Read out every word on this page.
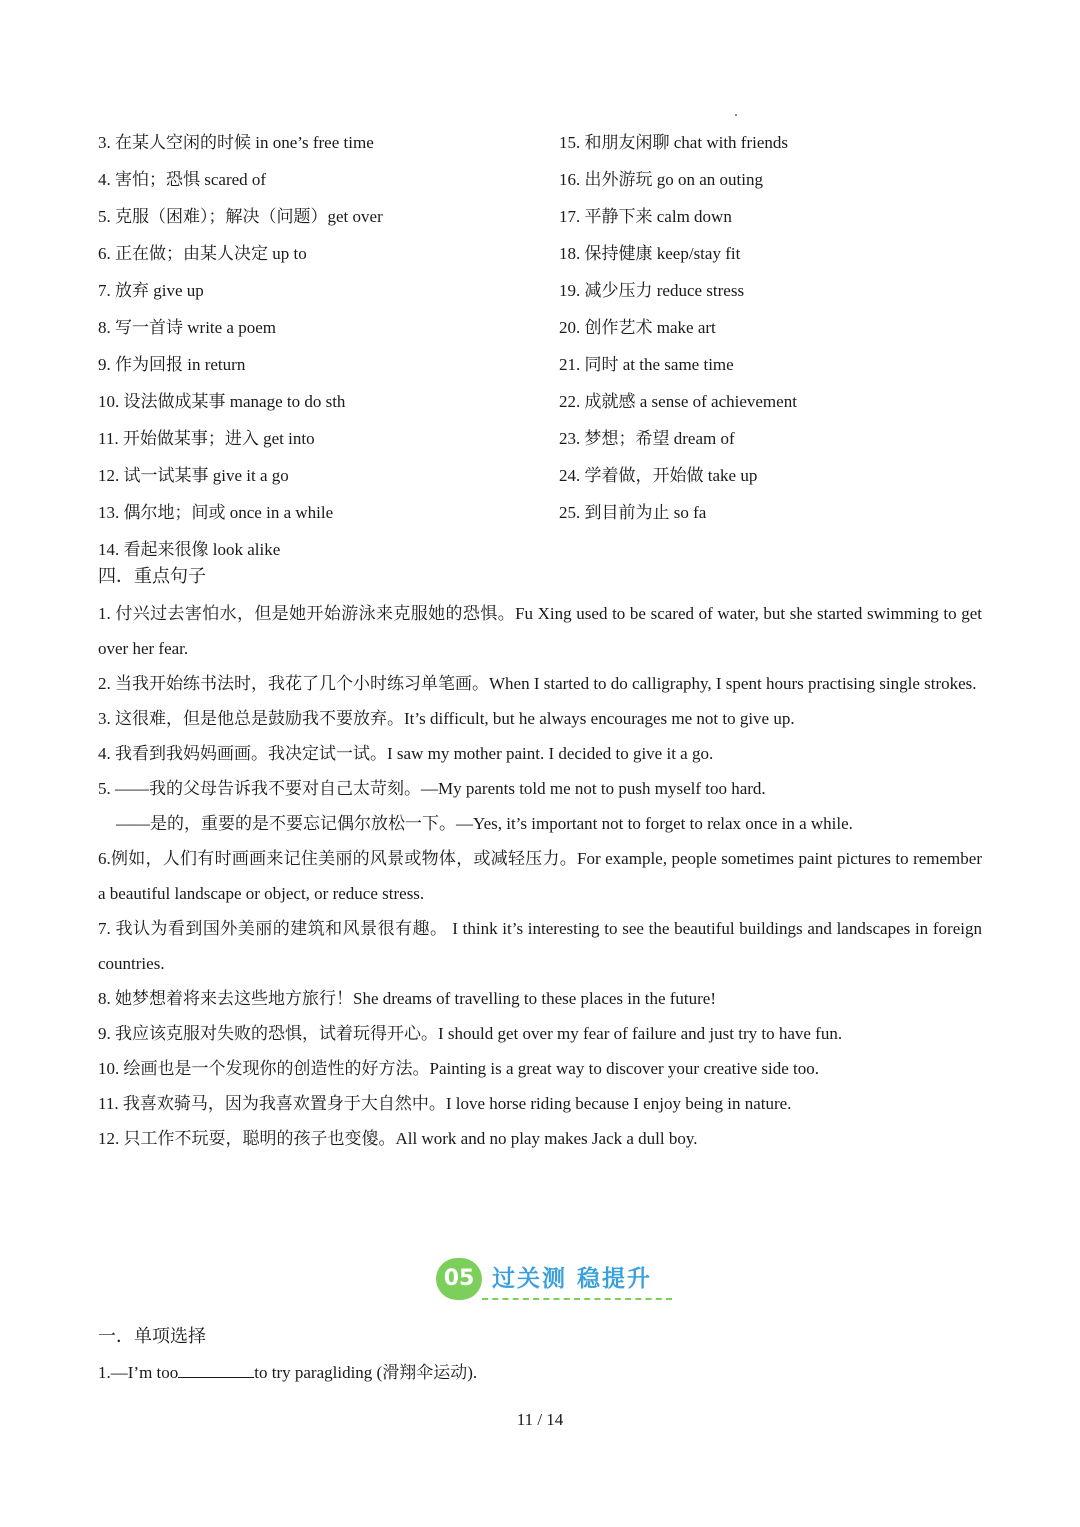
3. 在某人空闲的时候 in one’s free time
4. 害怕；恐惧 scared of
5. 克服（困难）；解决（问题）get over
6. 正在做；由某人决定 up to
7. 放弃 give up
8. 写一首诗 write a poem
9. 作为回报 in return
10. 设法做成某事 manage to do sth
11. 开始做某事；进入 get into
12. 试一试某事 give it a go
13. 偶尔地；间或 once in a while
14. 看起来很像 look alike
15. 和朋友闲聊 chat with friends
16. 出外游玩 go on an outing
17. 平静下来 calm down
18. 保持健康 keep/stay fit
19. 减少压力 reduce stress
20. 创作艺术 make art
21. 同时 at the same time
22. 成就感 a sense of achievement
23. 梦想；希望 dream of
24. 学着做，开始做 take up
25. 到目前为止 so fa
四．重点句子

1. 付兴过去害怕水，但是她开始游泳来克服她的恐惧。Fu Xing used to be scared of water, but she started swimming to get over her fear.

2. 当我开始练书法时，我花了几个小时练习单笔画。When I started to do calligraphy, I spent hours practising single strokes.

3. 这很难，但是他总是鼓励我不要放弃。It’s difficult, but he always encourages me not to give up.

4. 我看到我妈妈画画。我决定试一试。I saw my mother paint. I decided to give it a go.

5. ——我的父母告诉我不要对自己太苛刻。—My parents told me not to push myself too hard.

——是的，重要的是不要忘记偶尔放松一下。—Yes, it’s important not to forget to relax once in a while.

6.例如，人们有时画画来记住美丽的风景或物体，或减轻压力。For example, people sometimes paint pictures to remember a beautiful landscape or object, or reduce stress.

7. 我认为看到国外美丽的建筑和风景很有趣。 I think it’s interesting to see the beautiful buildings and landscapes in foreign countries.

8. 她梦想着将来去这些地方旅行！She dreams of travelling to these places in the future!

9. 我应该克服对失败的恐惧，试着玩得开心。I should get over my fear of failure and just try to have fun.

10. 绘画也是一个发现你的创造性的好方法。Painting is a great way to discover your creative side too.

11. 我喜欢骑马，因为我喜欢置身于大自然中。I love horse riding because I enjoy being in nature.

12. 只工作不玩耍，聪明的孩子也变傻。All work and no play makes Jack a dull boy.

05 过关测 稳提升
一．单项选择
1.—I’m too	to try paragliding (滑翔伞运动).
11 / 14
